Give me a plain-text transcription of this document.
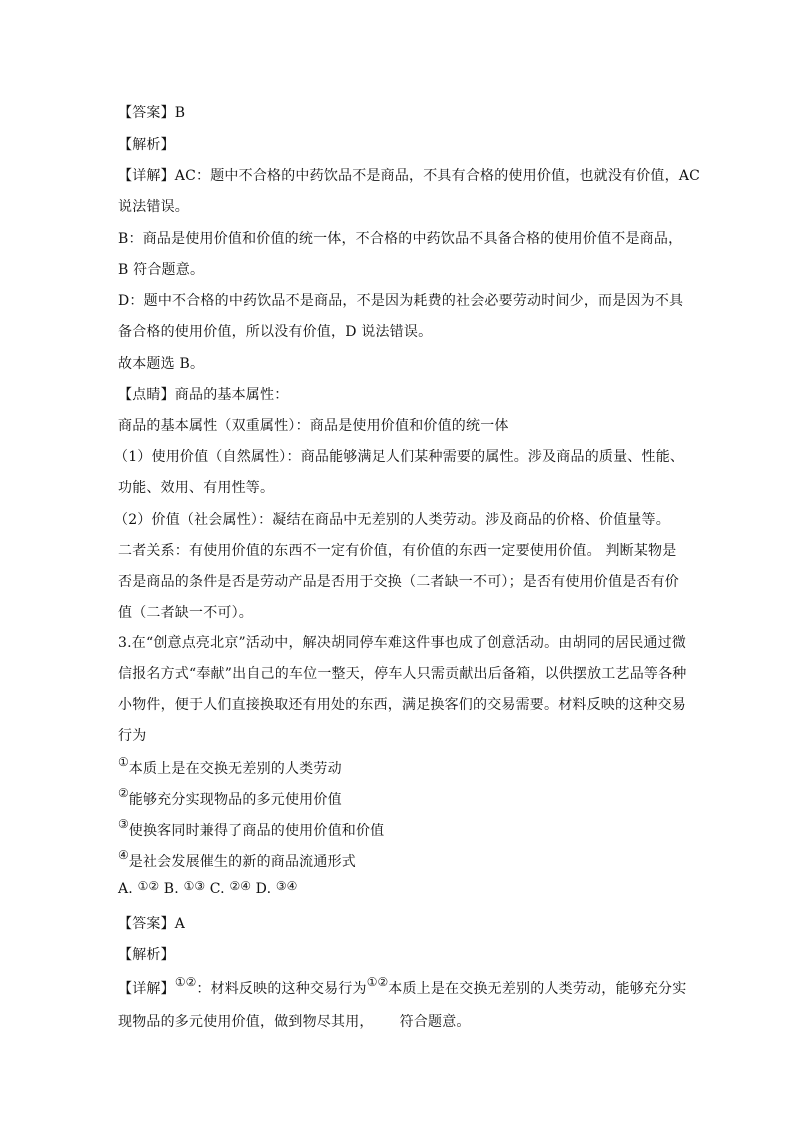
【答案】B
【解析】
【详解】AC：题中不合格的中药饮品不是商品，不具有合格的使用价值，也就没有价值，AC
说法错误。
B：商品是使用价值和价值的统一体，不合格的中药饮品不具备合格的使用价值不是商品，
B 符合题意。
D：题中不合格的中药饮品不是商品，不是因为耗费的社会必要劳动时间少，而是因为不具
备合格的使用价值，所以没有价值，D 说法错误。
故本题选 B。
【点睛】商品的基本属性：
商品的基本属性（双重属性）：商品是使用价值和价值的统一体
（1）使用价值（自然属性）：商品能够满足人们某种需要的属性。涉及商品的质量、性能、
功能、效用、有用性等。
（2）价值（社会属性）：凝结在商品中无差别的人类劳动。涉及商品的价格、价值量等。
二者关系：有使用价值的东西不一定有价值，有价值的东西一定要使用价值。 判断某物是
否是商品的条件是否是劳动产品是否用于交换（二者缺一不可）；是否有使用价值是否有价
值（二者缺一不可）。
3.在“创意点亮北京”活动中，解决胡同停车难这件事也成了创意活动。由胡同的居民通过微
信报名方式“奉献”出自己的车位一整天，停车人只需贡献出后备箱，以供摆放工艺品等各种
小物件，便于人们直接换取还有用处的东西，满足换客们的交易需要。材料反映的这种交易
行为
①本质上是在交换无差别的人类劳动
②能够充分实现物品的多元使用价值
③使换客同时兼得了商品的使用价值和价值
④是社会发展催生的新的商品流通形式
A. ①② B. ①③ C. ②④ D. ③④
【答案】A
【解析】
【详解】①②：材料反映的这种交易行为①②本质上是在交换无差别的人类劳动，能够充分实
现物品的多元使用价值，做到物尽其用， 符合题意。
